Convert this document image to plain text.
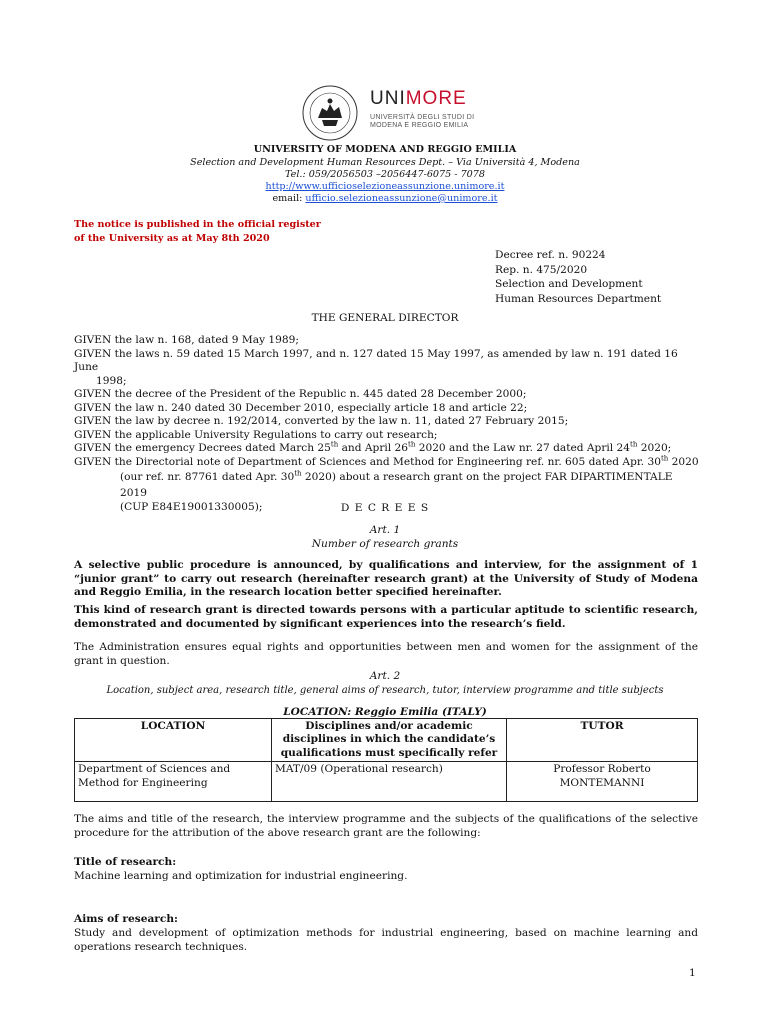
UNIMORE
UNIVERSITÀ DEGLI STUDI DI
MODENA E REGGIO EMILIA
UNIVERSITY OF MODENA AND REGGIO EMILIA
Selection and Development Human Resources Dept. – Via Università 4, Modena
Tel.: 059/2056503 –2056447-6075 - 7078
http://www.ufficioselezioneassunzione.unimore.it
email: ufficio.selezioneassunzione@unimore.it
The notice is published in the official register
of the University as at May 8th 2020
Decree ref. n. 90224
Rep. n. 475/2020
Selection and Development
Human Resources Department
THE GENERAL DIRECTOR
GIVEN the law n. 168, dated 9 May 1989;
GIVEN the laws n. 59 dated 15 March 1997, and n. 127 dated 15 May 1997, as amended by law n. 191 dated 16 June
1998;
GIVEN the decree of the President of the Republic n. 445 dated 28 December 2000;
GIVEN the law n. 240 dated 30 December 2010, especially article 18 and article 22;
GIVEN the law by decree n. 192/2014, converted by the law n. 11, dated 27 February 2015;
GIVEN the applicable University Regulations to carry out research;
GIVEN the emergency Decrees dated March 25th and April 26th 2020 and the Law nr. 27 dated April 24th 2020;
GIVEN the Directorial note of Department of Sciences and Method for Engineering ref. nr. 605 dated Apr. 30th 2020
(our ref. nr. 87761 dated Apr. 30th 2020) about a research grant on the project FAR DIPARTIMENTALE 2019
(CUP E84E19001330005);	D E C R E E S
Art. 1
Number of research grants
A selective public procedure is announced, by qualifications and interview, for the assignment of 1 “junior grant” to carry out research (hereinafter research grant) at the University of Study of Modena and Reggio Emilia, in the research location better specified hereinafter.
This kind of research grant is directed towards persons with a particular aptitude to scientific research, demonstrated and documented by significant experiences into the research’s field.
The Administration ensures equal rights and opportunities between men and women for the assignment of the grant in question.
Art. 2
Location, subject area, research title, general aims of research, tutor, interview programme and title subjects
LOCATION: Reggio Emilia (ITALY)
LOCATION	Disciplines and/or academic disciplines in which the candidate’s qualifications must specifically refer	TUTOR
Department of Sciences and Method for Engineering	MAT/09 (Operational research)	Professor Roberto MONTEMANNI
The aims and title of the research, the interview programme and the subjects of the qualifications of the selective procedure for the attribution of the above research grant are the following:
Title of research:
Machine learning and optimization for industrial engineering.
Aims of research:
Study and development of optimization methods for industrial engineering, based on machine learning and operations research techniques.
1
